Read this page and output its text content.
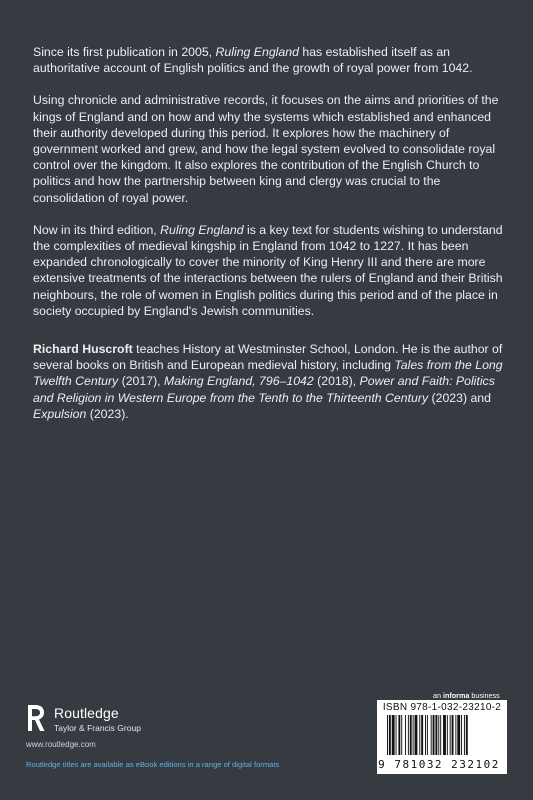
Since its first publication in 2005, Ruling England has established itself as an authoritative account of English politics and the growth of royal power from 1042.

Using chronicle and administrative records, it focuses on the aims and priorities of the kings of England and on how and why the systems which established and enhanced their authority developed during this period. It explores how the machinery of government worked and grew, and how the legal system evolved to consolidate royal control over the kingdom. It also explores the contribution of the English Church to politics and how the partnership between king and clergy was crucial to the consolidation of royal power.

Now in its third edition, Ruling England is a key text for students wishing to understand the complexities of medieval kingship in England from 1042 to 1227. It has been expanded chronologically to cover the minority of King Henry III and there are more extensive treatments of the interactions between the rulers of England and their British neighbours, the role of women in English politics during this period and of the place in society occupied by England's Jewish communities.

Richard Huscroft teaches History at Westminster School, London. He is the author of several books on British and European medieval history, including Tales from the Long Twelfth Century (2017), Making England, 796–1042 (2018), Power and Faith: Politics and Religion in Western Europe from the Tenth to the Thirteenth Century (2023) and Expulsion (2023).

Routledge
Taylor & Francis Group
www.routledge.com
Routledge titles are available as eBook editions in a range of digital formats
an informa business
ISBN 978-1-032-23210-2
9 781032 232102
